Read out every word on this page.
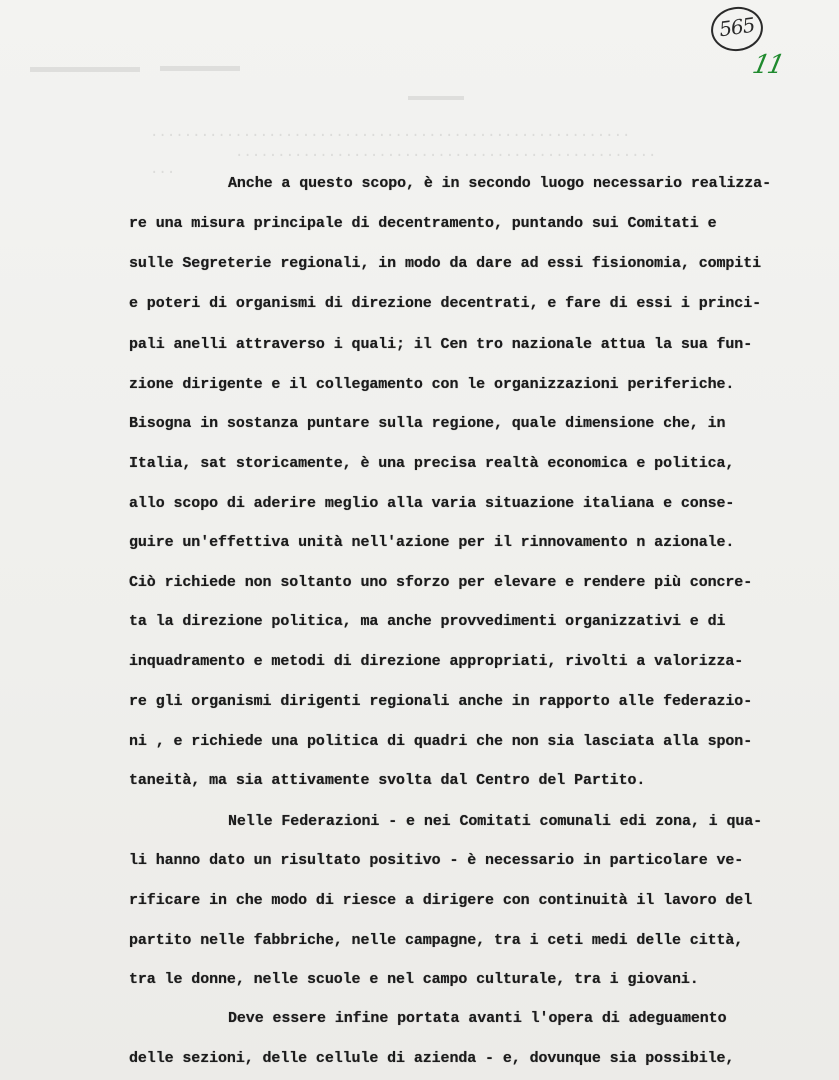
·························································
··················································
···
565
11
Anche a questo scopo, è in secondo luogo necessario realizza-
re una misura principale di decentramento, puntando sui Comitati e
sulle Segreterie regionali, in modo da dare ad essi fisionomia, compiti
e poteri di organismi di direzione decentrati, e fare di essi i princi-
pali anelli attraverso i quali; il Cen tro nazionale attua la sua fun-
zione dirigente e il collegamento con le organizzazioni periferiche.
Bisogna in sostanza puntare sulla regione, quale dimensione che, in
Italia, sat storicamente, è una precisa realtà economica e politica,
allo scopo di aderire meglio alla varia situazione italiana e conse-
guire un'effettiva unità nell'azione per il rinnovamento n azionale.
Ciò richiede non soltanto uno sforzo per elevare e rendere più concre-
ta la direzione politica, ma anche provvedimenti organizzativi e di
inquadramento e metodi di direzione appropriati, rivolti a valorizza-
re gli organismi dirigenti regionali anche in rapporto alle federazio-
ni , e richiede una politica di quadri che non sia lasciata alla spon-
taneità, ma sia attivamente svolta dal Centro del Partito.
Nelle Federazioni - e nei Comitati comunali edi zona, i qua-
li hanno dato un risultato positivo - è necessario in particolare ve-
rificare in che modo di riesce a dirigere con continuità il lavoro del
partito nelle fabbriche, nelle campagne, tra i ceti medi delle città,
tra le donne, nelle scuole e nel campo culturale, tra i giovani.
Deve essere infine portata avanti l'opera di adeguamento
delle sezioni, delle cellule di azienda - e, dovunque sia possibile,
